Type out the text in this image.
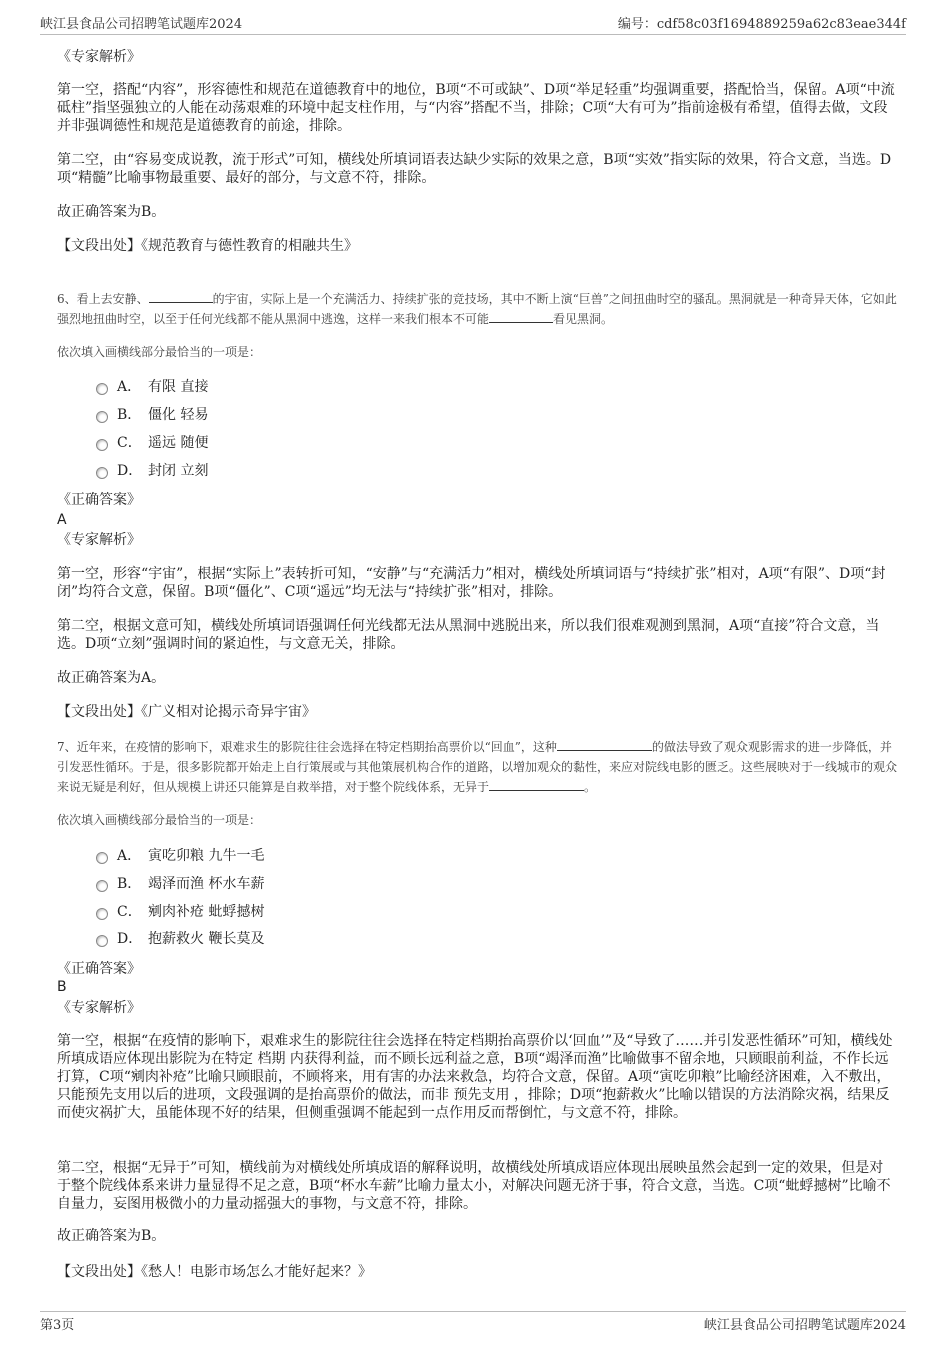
峡江县食品公司招聘笔试题库2024	编号：cdf58c03f1694889259a62c83eae344f
《专家解析》
第一空，搭配“内容”，形容德性和规范在道德教育中的地位，B项“不可或缺”、D项“举足轻重”均强调重要，搭配恰当，保留。A项“中流砥柱”指坚强独立的人能在动荡艰难的环境中起支柱作用，与“内容”搭配不当，排除；C项“大有可为”指前途极有希望，值得去做，文段并非强调德性和规范是道德教育的前途，排除。
第二空，由“容易变成说教，流于形式”可知，横线处所填词语表达缺少实际的效果之意，B项“实效”指实际的效果，符合文意，当选。D项“精髓”比喻事物最重要、最好的部分，与文意不符，排除。
故正确答案为B。
【文段出处】《规范教育与德性教育的相融共生》
6、看上去安静、	的宇宙，实际上是一个充满活力、持续扩张的竞技场，其中不断上演“巨兽”之间扭曲时空的骚乱。黑洞就是一种奇异天体，它如此强烈地扭曲时空，以至于任何光线都不能从黑洞中逃逸，这样一来我们根本不可能	看见黑洞。
依次填入画横线部分最恰当的一项是：
A． 有限 直接
B． 僵化 轻易
C． 遥远 随便
D． 封闭 立刻
《正确答案》
A
《专家解析》
第一空，形容“宇宙”，根据“实际上”表转折可知，“安静”与“充满活力”相对，横线处所填词语与“持续扩张”相对，A项“有限”、D项“封闭”均符合文意，保留。B项“僵化”、C项“遥远”均无法与“持续扩张”相对，排除。
第二空，根据文意可知，横线处所填词语强调任何光线都无法从黑洞中逃脱出来，所以我们很难观测到黑洞，A项“直接”符合文意，当选。D项“立刻”强调时间的紧迫性，与文意无关，排除。
故正确答案为A。
【文段出处】《广义相对论揭示奇异宇宙》
7、近年来，在疫情的影响下，艰难求生的影院往往会选择在特定档期抬高票价以“回血”，这种	的做法导致了观众观影需求的进一步降低，并引发恶性循环。于是，很多影院都开始走上自行策展或与其他策展机构合作的道路，以增加观众的黏性，来应对院线电影的匮乏。这些展映对于一线城市的观众来说无疑是利好，但从规模上讲还只能算是自救举措，对于整个院线体系，无异于	。
依次填入画横线部分最恰当的一项是：
A． 寅吃卯粮 九牛一毛
B． 竭泽而渔 杯水车薪
C． 剜肉补疮 蚍蜉撼树
D． 抱薪救火 鞭长莫及
《正确答案》
B
《专家解析》
第一空，根据“在疫情的影响下，艰难求生的影院往往会选择在特定档期抬高票价以‘回血’”及“导致了……并引发恶性循环”可知，横线处所填成语应体现出影院为在特定 档期 内获得利益，而不顾长远利益之意，B项“竭泽而渔”比喻做事不留余地，只顾眼前利益，不作长远打算，C项“剜肉补疮”比喻只顾眼前，不顾将来，用有害的办法来救急，均符合文意，保留。A项“寅吃卯粮”比喻经济困难，入不敷出，只能预先支用以后的进项，文段强调的是抬高票价的做法，而非 预先支用 ，排除；D项“抱薪救火”比喻以错误的方法消除灾祸，结果反而使灾祸扩大，虽能体现不好的结果，但侧重强调不能起到一点作用反而帮倒忙，与文意不符，排除。
第二空，根据“无异于”可知，横线前为对横线处所填成语的解释说明，故横线处所填成语应体现出展映虽然会起到一定的效果，但是对于整个院线体系来讲力量显得不足之意，B项“杯水车薪”比喻力量太小，对解决问题无济于事，符合文意，当选。C项“蚍蜉撼树”比喻不自量力，妄图用极微小的力量动摇强大的事物，与文意不符，排除。
故正确答案为B。
【文段出处】《愁人！电影市场怎么才能好起来？》
第3页	峡江县食品公司招聘笔试题库2024
